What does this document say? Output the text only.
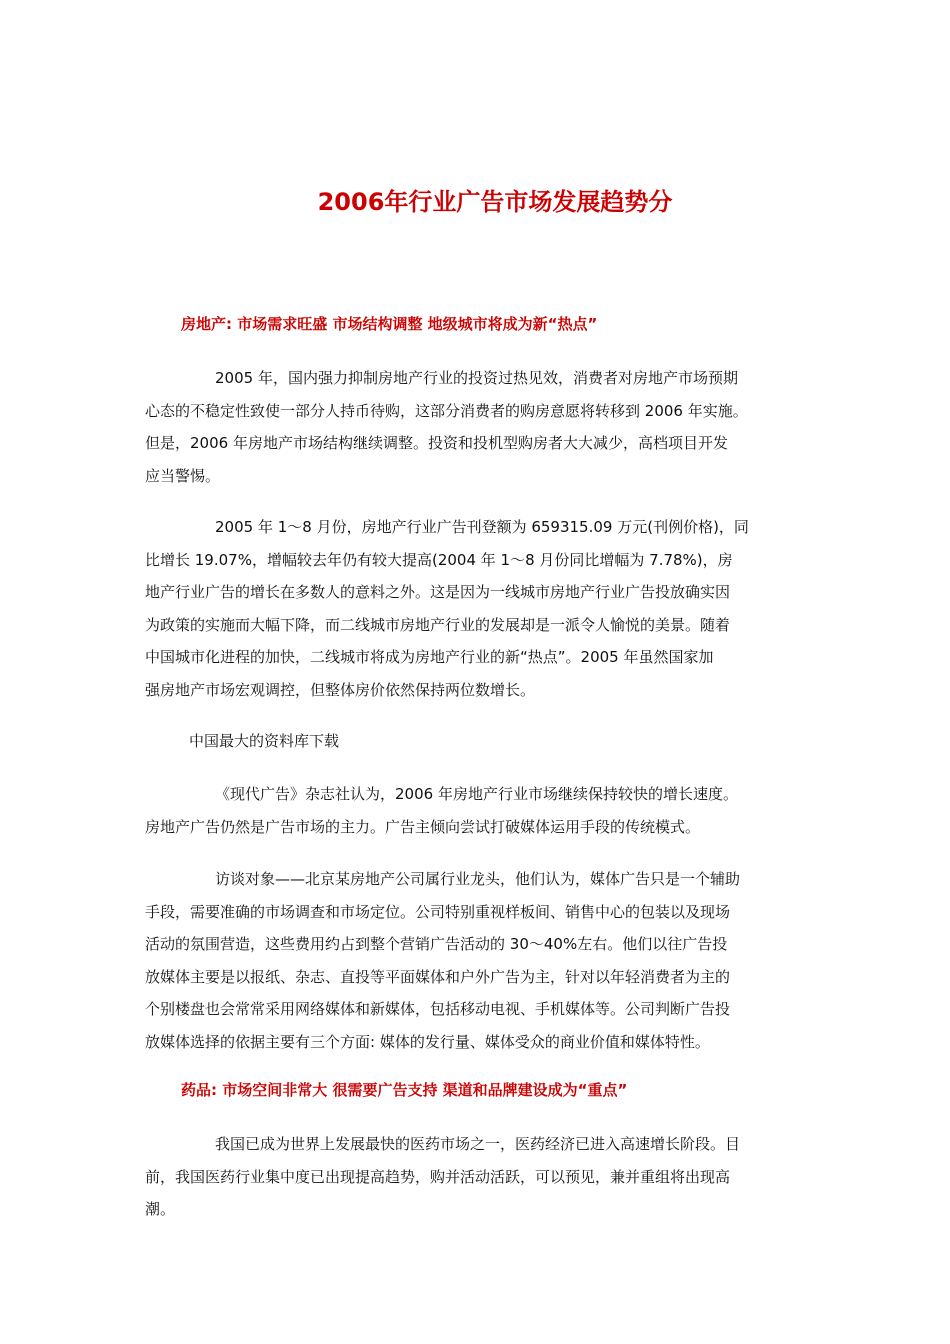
2006年行业广告市场发展趋势分
房地产: 市场需求旺盛 市场结构调整 地级城市将成为新“热点”

2005 年，国内强力抑制房地产行业的投资过热见效，消费者对房地产市场预期
心态的不稳定性致使一部分人持币待购，这部分消费者的购房意愿将转移到 2006 年实施。
但是，2006 年房地产市场结构继续调整。投资和投机型购房者大大减少，高档项目开发
应当警惕。

2005 年 1～8 月份，房地产行业广告刊登额为 659315.09 万元(刊例价格)，同
比增长 19.07%，增幅较去年仍有较大提高(2004 年 1～8 月份同比增幅为 7.78%)，房
地产行业广告的增长在多数人的意料之外。这是因为一线城市房地产行业广告投放确实因
为政策的实施而大幅下降，而二线城市房地产行业的发展却是一派令人愉悦的美景。随着
中国城市化进程的加快，二线城市将成为房地产行业的新“热点”。2005 年虽然国家加
强房地产市场宏观调控，但整体房价依然保持两位数增长。

中国最大的资料库下载

《现代广告》杂志社认为，2006 年房地产行业市场继续保持较快的增长速度。
房地产广告仍然是广告市场的主力。广告主倾向尝试打破媒体运用手段的传统模式。

访谈对象——北京某房地产公司属行业龙头，他们认为，媒体广告只是一个辅助
手段，需要准确的市场调查和市场定位。公司特别重视样板间、销售中心的包装以及现场
活动的氛围营造，这些费用约占到整个营销广告活动的 30～40%左右。他们以往广告投
放媒体主要是以报纸、杂志、直投等平面媒体和户外广告为主，针对以年轻消费者为主的
个别楼盘也会常常采用网络媒体和新媒体，包括移动电视、手机媒体等。公司判断广告投
放媒体选择的依据主要有三个方面: 媒体的发行量、媒体受众的商业价值和媒体特性。

药品: 市场空间非常大 很需要广告支持 渠道和品牌建设成为“重点”

我国已成为世界上发展最快的医药市场之一，医药经济已进入高速增长阶段。目
前，我国医药行业集中度已出现提高趋势，购并活动活跃，可以预见，兼并重组将出现高
潮。
